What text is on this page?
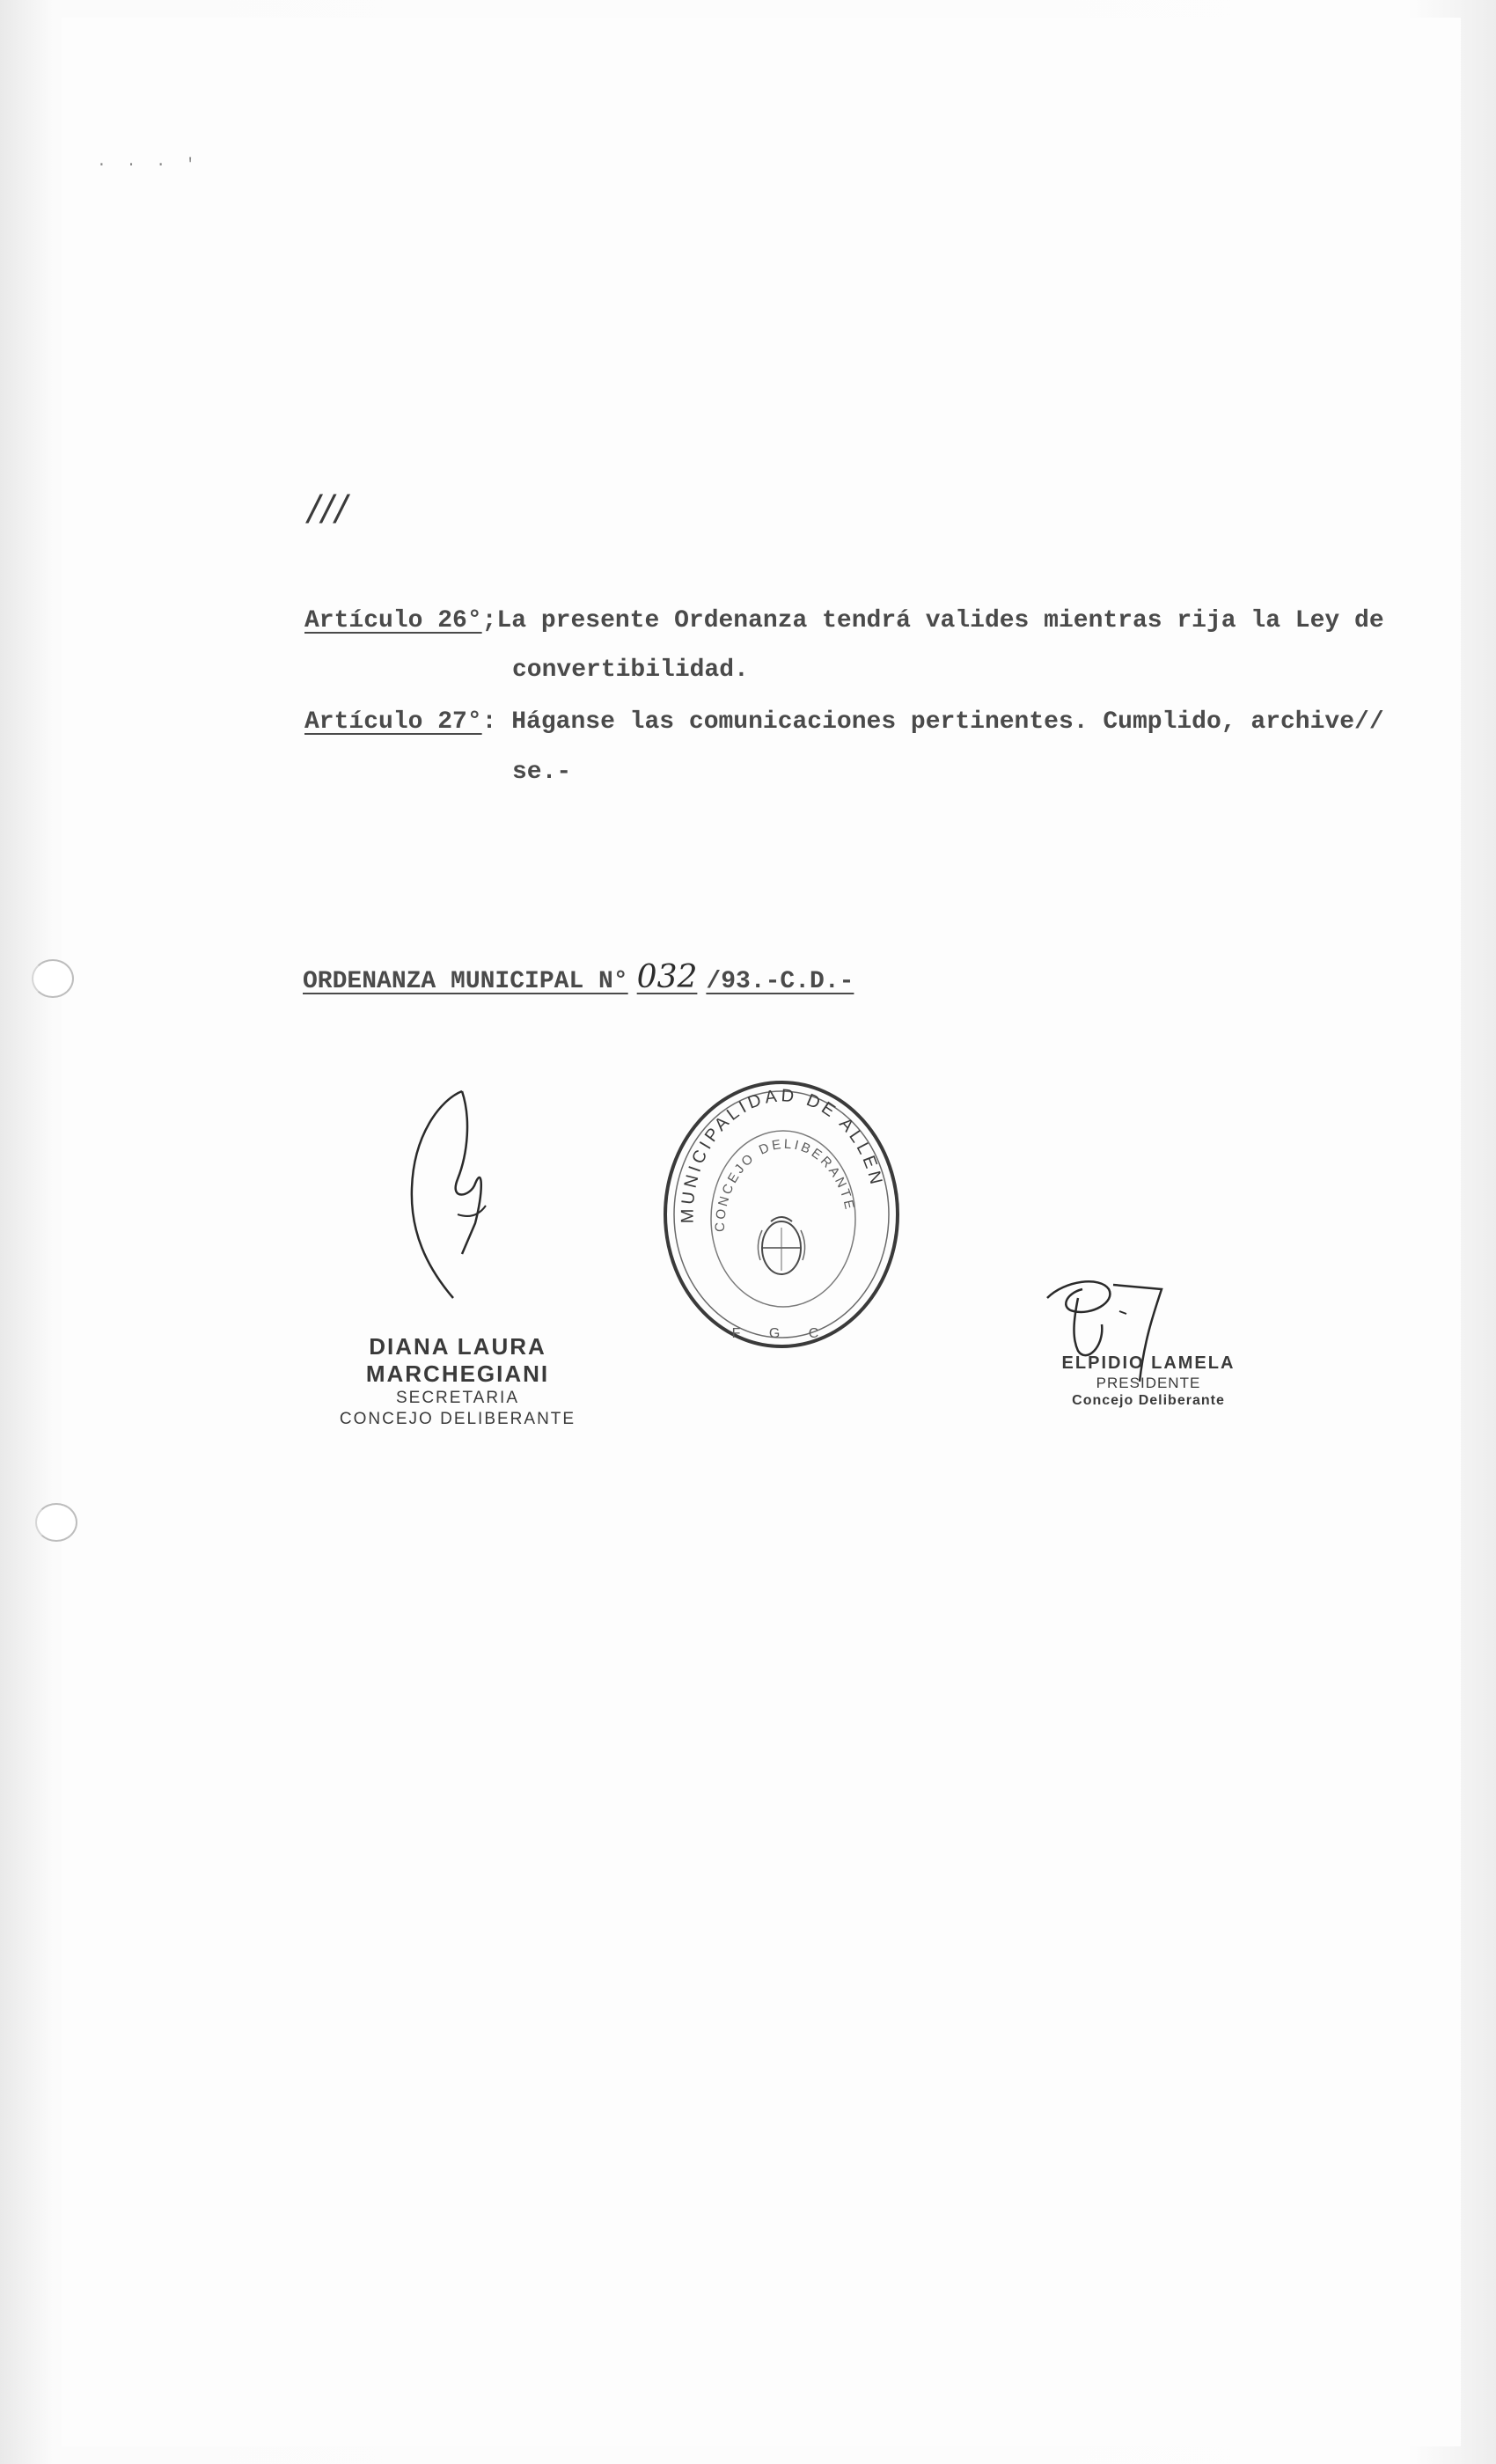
· · · '
///
Artículo 26°;La presente Ordenanza tendrá valides mientras rija la Ley de
convertibilidad.
Artículo 27°: Háganse las comunicaciones pertinentes. Cumplido, archive//
se.-
ORDENANZA MUNICIPAL N° 032 /93.-C.D.-
DIANA LAURA MARCHEGIANI
SECRETARIA
CONCEJO DELIBERANTE
MUNICIPALIDAD DE ALLEN
CONCEJO DELIBERANTE
F G C
ELPIDIO LAMELA
PRESIDENTE
Concejo Deliberante
